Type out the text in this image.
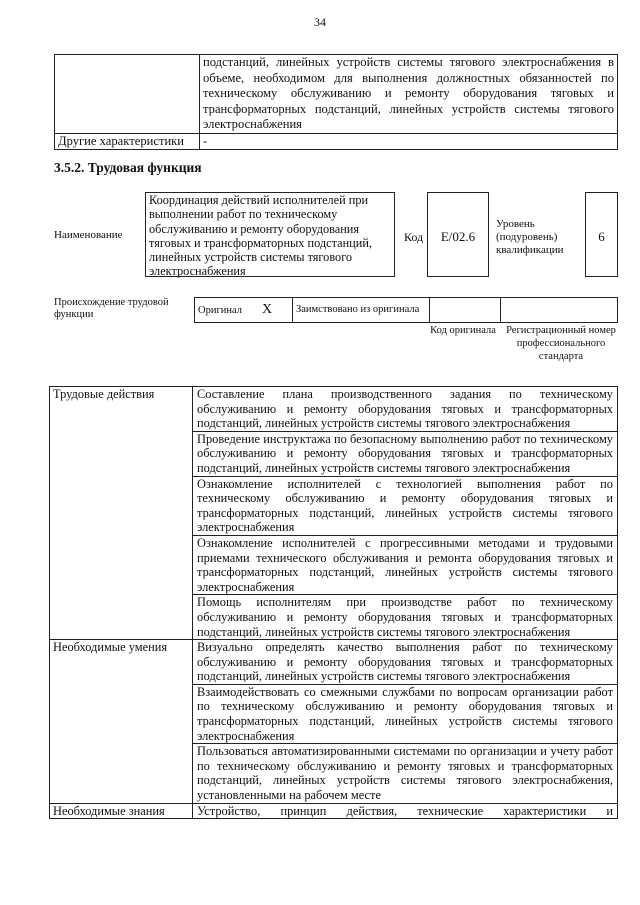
34
	подстанций, линейных устройств системы тягового электроснабжения в объеме, необходимом для выполнения должностных обязанностей по техническому обслуживанию и ремонту оборудования тяговых и трансформаторных подстанций, линейных устройств системы тягового электроснабжения
Другие характеристики	-
3.5.2. Трудовая функция
Наименование
Координация действий исполнителей при выполнении работ по техническому обслуживанию и ремонту оборудования тяговых и трансформаторных подстанций, линейных устройств системы тягового электроснабжения
Код	E/02.6
Уровень (подуровень) квалификации
6
Происхождение трудовой функции	Оригинал X	Заимствовано из оригинала		
Код оригинала Регистрационный номер профессионального стандарта
Трудовые действия	Составление плана производственного задания по техническому обслуживанию и ремонту оборудования тяговых и трансформаторных подстанций, линейных устройств системы тягового электроснабжения
	Проведение инструктажа по безопасному выполнению работ по техническому обслуживанию и ремонту оборудования тяговых и трансформаторных подстанций, линейных устройств системы тягового электроснабжения
	Ознакомление исполнителей с технологией выполнения работ по техническому обслуживанию и ремонту оборудования тяговых и трансформаторных подстанций, линейных устройств системы тягового электроснабжения
	Ознакомление исполнителей с прогрессивными методами и трудовыми приемами технического обслуживания и ремонта оборудования тяговых и трансформаторных подстанций, линейных устройств системы тягового электроснабжения
	Помощь исполнителям при производстве работ по техническому обслуживанию и ремонту оборудования тяговых и трансформаторных подстанций, линейных устройств системы тягового электроснабжения
Необходимые умения	Визуально определять качество выполнения работ по техническому обслуживанию и ремонту оборудования тяговых и трансформаторных подстанций, линейных устройств системы тягового электроснабжения
	Взаимодействовать со смежными службами по вопросам организации работ по техническому обслуживанию и ремонту оборудования тяговых и трансформаторных подстанций, линейных устройств системы тягового электроснабжения
	Пользоваться автоматизированными системами по организации и учету работ по техническому обслуживанию и ремонту тяговых и трансформаторных подстанций, линейных устройств системы тягового электроснабжения, установленными на рабочем месте
Необходимые знания	Устройство, принцип действия, технические характеристики и
